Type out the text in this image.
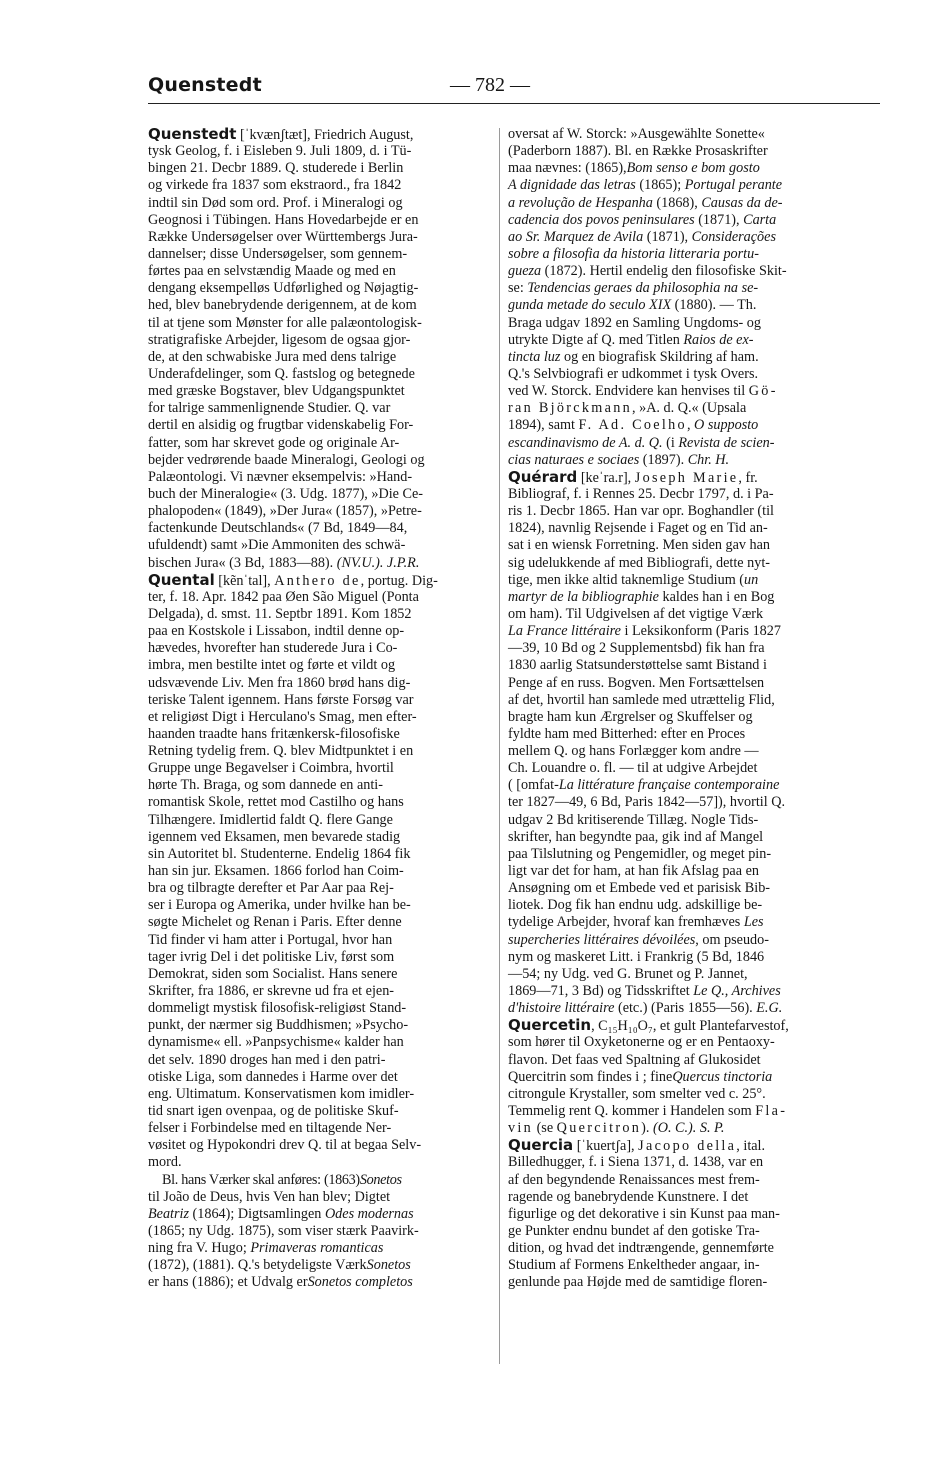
Quenstedt	— 782 —
Quenstedt [ˈkvænʃtæt], Friedrich August,
tysk Geolog, f. i Eisleben 9. Juli 1809, d. i Tü-
bingen 21. Decbr 1889. Q. studerede i Berlin
og virkede fra 1837 som ekstraord., fra 1842
indtil sin Død som ord. Prof. i Mineralogi og
Geognosi i Tübingen. Hans Hovedarbejde er en
Række Undersøgelser over Württembergs Jura-
dannelser; disse Undersøgelser, som gennem-
førtes paa en selvstændig Maade og med en
dengang eksempelløs Udførlighed og Nøjagtig-
hed, blev banebrydende derigennem, at de kom
til at tjene som Mønster for alle palæontologisk-
stratigrafiske Arbejder, ligesom de ogsaa gjor-
de, at den schwabiske Jura med dens talrige
Underafdelinger, som Q. fastslog og betegnede
med græske Bogstaver, blev Udgangspunktet
for talrige sammenlignende Studier. Q. var
dertil en alsidig og frugtbar videnskabelig For-
fatter, som har skrevet gode og originale Ar-
bejder vedrørende baade Mineralogi, Geologi og
Palæontologi. Vi nævner eksempelvis: »Hand-
buch der Mineralogie« (3. Udg. 1877), »Die Ce-
phalopoden« (1849), »Der Jura« (1857), »Petre-
factenkunde Deutschlands« (7 Bd, 1849—84,
ufuldendt) samt »Die Ammoniten des schwä-
bischen Jura« (3 Bd, 1883—88). (NV.U.). J.P.R.
Quental [kẽnˈtal], Anthero de, portug. Dig-
ter, f. 18. Apr. 1842 paa Øen São Miguel (Ponta
Delgada), d. smst. 11. Septbr 1891. Kom 1852
paa en Kostskole i Lissabon, indtil denne op-
hævedes, hvorefter han studerede Jura i Co-
imbra, men bestilte intet og førte et vildt og
udsvævende Liv. Men fra 1860 brød hans dig-
teriske Talent igennem. Hans første Forsøg var
et religiøst Digt i Herculano's Smag, men efter-
haanden traadte hans fritænkersk-filosofiske
Retning tydelig frem. Q. blev Midtpunktet i en
Gruppe unge Begavelser i Coimbra, hvortil
hørte Th. Braga, og som dannede en anti-
romantisk Skole, rettet mod Castilho og hans
Tilhængere. Imidlertid faldt Q. flere Gange
igennem ved Eksamen, men bevarede stadig
sin Autoritet bl. Studenterne. Endelig 1864 fik
han sin jur. Eksamen. 1866 forlod han Coim-
bra og tilbragte derefter et Par Aar paa Rej-
ser i Europa og Amerika, under hvilke han be-
søgte Michelet og Renan i Paris. Efter denne
Tid finder vi ham atter i Portugal, hvor han
tager ivrig Del i det politiske Liv, først som
Demokrat, siden som Socialist. Hans senere
Skrifter, fra 1886, er skrevne ud fra et ejen-
dommeligt mystisk filosofisk-religiøst Stand-
punkt, der nærmer sig Buddhismen; »Psycho-
dynamisme« ell. »Panpsychisme« kalder han
det selv. 1890 droges han med i den patri-
otiske Liga, som dannedes i Harme over det
eng. Ultimatum. Konservatismen kom imidler-
tid snart igen ovenpaa, og de politiske Skuf-
felser i Forbindelse med en tiltagende Ner-
vøsitet og Hypokondri drev Q. til at begaa Selv-
mord.
Bl. hans Værker skal anføres: (1863)Sonetos
til João de Deus, hvis Ven han blev; Digtet
Beatriz (1864); Digtsamlingen Odes modernas
(1865; ny Udg. 1875), som viser stærk Paavirk-
ning fra V. Hugo; Primaveras romanticas
(1872), (1881). Q.'s betydeligste VærkSonetos
er hans (1886); et Udvalg erSonetos completos
oversat af W. Storck: »Ausgewählte Sonette«
(Paderborn 1887). Bl. en Række Prosaskrifter
maa nævnes: (1865),Bom senso e bom gosto
A dignidade das letras (1865); Portugal perante
a revolução de Hespanha (1868), Causas da de-
cadencia dos povos peninsulares (1871), Carta
ao Sr. Marquez de Avila (1871), Considerações
sobre a filosofia da historia litteraria portu-
gueza (1872). Hertil endelig den filosofiske Skit-
se: Tendencias geraes da philosophia na se-
gunda metade do seculo XIX (1880). — Th.
Braga udgav 1892 en Samling Ungdoms- og
utrykte Digte af Q. med Titlen Raios de ex-
tincta luz og en biografisk Skildring af ham.
Q.'s Selvbiografi er udkommet i tysk Overs.
ved W. Storck. Endvidere kan henvises til Gö-
ran Björckmann, »A. d. Q.« (Upsala
1894), samt F. Ad. Coelho, O supposto
escandinavismo de A. d. Q. (i Revista de scien-
cias naturaes e sociaes (1897). Chr. H.
Quérard [keˈra.r], Joseph Marie, fr.
Bibliograf, f. i Rennes 25. Decbr 1797, d. i Pa-
ris 1. Decbr 1865. Han var opr. Boghandler (til
1824), navnlig Rejsende i Faget og en Tid an-
sat i en wiensk Forretning. Men siden gav han
sig udelukkende af med Bibliografi, dette nyt-
tige, men ikke altid taknemlige Studium (un
martyr de la bibliographie kaldes han i en Bog
om ham). Til Udgivelsen af det vigtige Værk
La France littéraire i Leksikonform (Paris 1827
—39, 10 Bd og 2 Supplementsbd) fik han fra
1830 aarlig Statsunderstøttelse samt Bistand i
Penge af en russ. Bogven. Men Fortsættelsen
af det, hvortil han samlede med utrættelig Flid,
bragte ham kun Ærgrelser og Skuffelser og
fyldte ham med Bitterhed: efter en Proces
mellem Q. og hans Forlægger kom andre —
Ch. Louandre o. fl. — til at udgive Arbejdet
( [omfat-La littérature française contemporaine
ter 1827—49, 6 Bd, Paris 1842—57]), hvortil Q.
udgav 2 Bd kritiserende Tillæg. Nogle Tids-
skrifter, han begyndte paa, gik ind af Mangel
paa Tilslutning og Pengemidler, og meget pin-
ligt var det for ham, at han fik Afslag paa en
Ansøgning om et Embede ved et parisisk Bib-
liotek. Dog fik han endnu udg. adskillige be-
tydelige Arbejder, hvoraf kan fremhæves Les
supercheries littéraires dévoilées, om pseudo-
nym og maskeret Litt. i Frankrig (5 Bd, 1846
—54; ny Udg. ved G. Brunet og P. Jannet,
1869—71, 3 Bd) og Tidsskriftet Le Q., Archives
d'histoire littéraire (etc.) (Paris 1855—56). E.G.
Quercetin, C₁₅H₁₀O₇, et gult Plantefarvestof,
som hører til Oxyketonerne og er en Pentaoxy-
flavon. Det faas ved Spaltning af Glukosidet
Quercitrin som findes i ; fineQuercus tinctoria
citrongule Krystaller, som smelter ved c. 25°.
Temmelig rent Q. kommer i Handelen som Fla-
vin (se Quercitron). (O. C.). S. P.
Quercia [ˈkuertʃa], Jacopo della, ital.
Billedhugger, f. i Siena 1371, d. 1438, var en
af den begyndende Renaissances mest frem-
ragende og banebrydende Kunstnere. I det
figurlige og det dekorative i sin Kunst paa man-
ge Punkter endnu bundet af den gotiske Tra-
dition, og hvad det indtrængende, gennemførte
Studium af Formens Enkeltheder angaar, in-
genlunde paa Højde med de samtidige floren-
